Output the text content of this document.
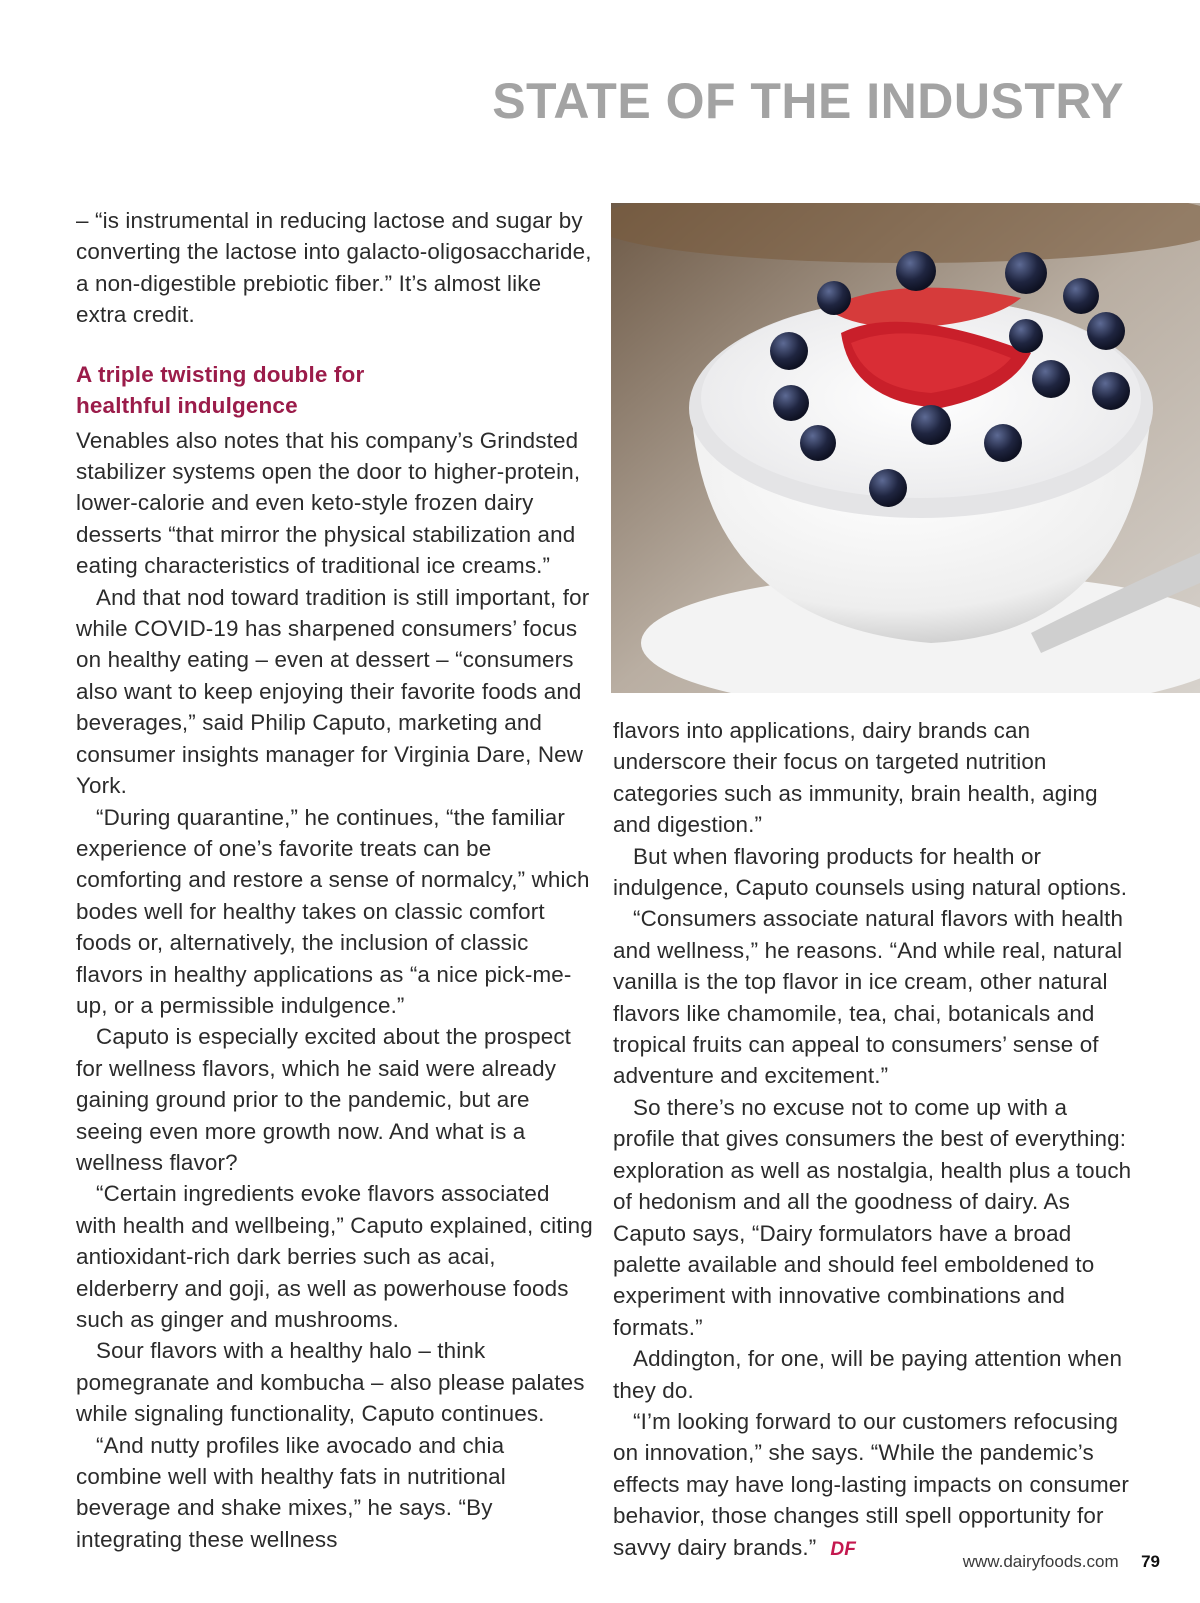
STATE OF THE INDUSTRY

– “is instrumental in reducing lactose and sugar by converting the lactose into galacto-oligosaccharide, a non-digestible prebiotic fiber.” It’s almost like extra credit.

A triple twisting double for
healthful indulgence

Venables also notes that his company’s Grindsted stabilizer systems open the door to higher-protein, lower-calorie and even keto-style frozen dairy desserts “that mirror the physical stabilization and eating characteristics of traditional ice creams.”

And that nod toward tradition is still important, for while COVID-19 has sharpened consumers’ focus on healthy eating – even at dessert – “consumers also want to keep enjoying their favorite foods and beverages,” said Philip Caputo, marketing and consumer insights manager for Virginia Dare, New York.

“During quarantine,” he continues, “the familiar experience of one’s favorite treats can be comforting and restore a sense of normalcy,” which bodes well for healthy takes on classic comfort foods or, alternatively, the inclusion of classic flavors in healthy applications as “a nice pick-me-up, or a permissible indulgence.”

Caputo is especially excited about the prospect for wellness flavors, which he said were already gaining ground prior to the pandemic, but are seeing even more growth now. And what is a wellness flavor?

“Certain ingredients evoke flavors associated with health and wellbeing,” Caputo explained, citing antioxidant-rich dark berries such as acai, elderberry and goji, as well as powerhouse foods such as ginger and mushrooms.

Sour flavors with a healthy halo – think pomegranate and kombucha – also please palates while signaling functionality, Caputo continues.

“And nutty profiles like avocado and chia combine well with healthy fats in nutritional beverage and shake mixes,” he says. “By integrating these wellness

flavors into applications, dairy brands can underscore their focus on targeted nutrition categories such as immunity, brain health, aging and digestion.”

But when flavoring products for health or indulgence, Caputo counsels using natural options.

“Consumers associate natural flavors with health and wellness,” he reasons. “And while real, natural vanilla is the top flavor in ice cream, other natural flavors like chamomile, tea, chai, botanicals and tropical fruits can appeal to consumers’ sense of adventure and excitement.”

So there’s no excuse not to come up with a profile that gives consumers the best of everything: exploration as well as nostalgia, health plus a touch of hedonism and all the goodness of dairy. As Caputo says, “Dairy formulators have a broad palette available and should feel emboldened to experiment with innovative combinations and formats.”

Addington, for one, will be paying attention when they do.

“I’m looking forward to our customers refocusing on innovation,” she says. “While the pandemic’s effects may have long-lasting impacts on consumer behavior, those changes still spell opportunity for savvy dairy brands.” DF

www.dairyfoods.com 79
